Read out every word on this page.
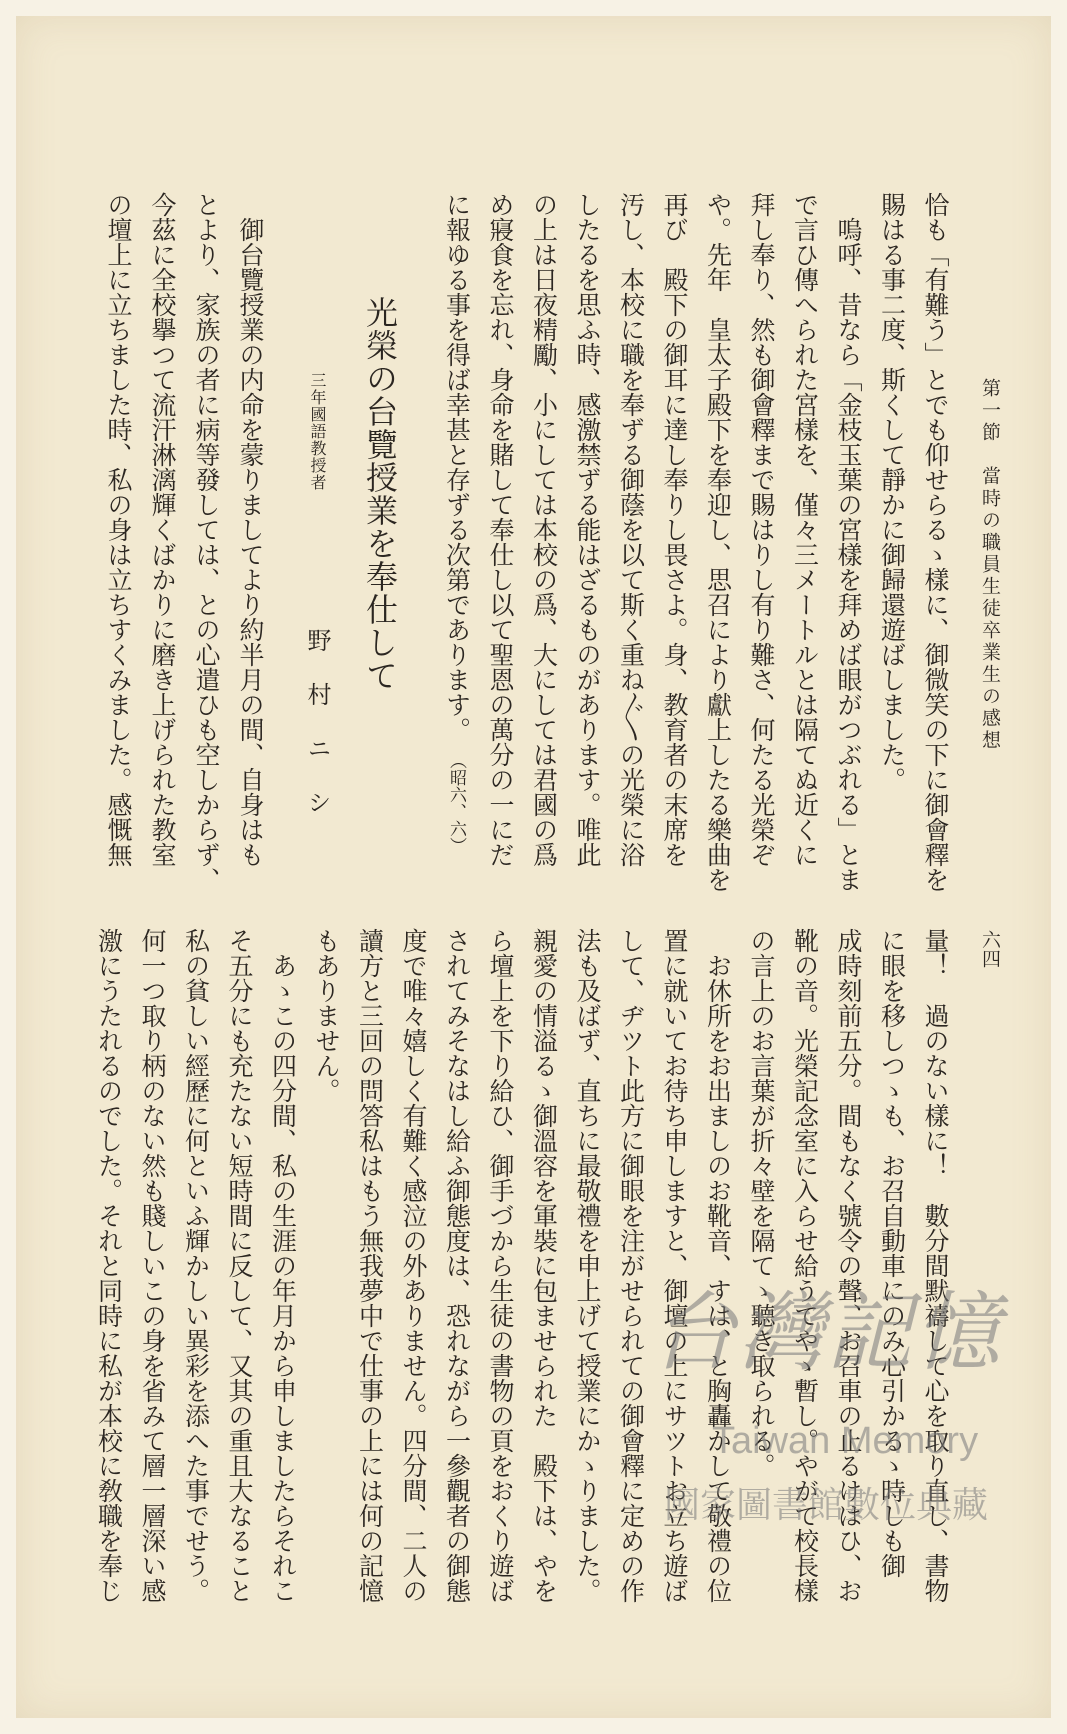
第一節　當時の職員生徒卒業生の感想
六四
恰も「有難う」とでも仰せらるゝ樣に、御微笑の下に御會釋を
賜はる事二度、斯くして靜かに御歸還遊ばしました。
　嗚呼、昔なら「金枝玉葉の宮樣を拜めば眼がつぶれる」とま
で言ひ傳へられた宮樣を、僅々三メートルとは隔てぬ近くに
拜し奉り、然も御會釋まで賜はりし有り難さ、何たる光榮ぞ
や。先年　皇太子殿下を奉迎し、思召により獻上したる樂曲を
再び　殿下の御耳に達し奉りし畏さよ。身、教育者の末席を
汚し、本校に職を奉ずる御蔭を以て斯く重ね〴〵の光榮に浴
したるを思ふ時、感激禁ずる能はざるものがあります。唯此
の上は日夜精勵、小にしては本校の爲、大にしては君國の爲
め寢食を忘れ、身命を賭して奉仕し以て聖恩の萬分の一にだ
に報ゆる事を得ば幸甚と存ずる次第であります。
（昭六、六）
光榮の台覽授業を奉仕して
三年國語教授者
野　村　ニ　シ
　御台覽授業の内命を蒙りましてより約半月の間、自身はも
とより、家族の者に病等發しては、との心遣ひも空しからず、
今茲に全校擧つて流汗淋漓輝くばかりに磨き上げられた教室
の壇上に立ちました時、私の身は立ちすくみました。感慨無
量！　過のない樣に！　數分間默禱して心を取り直し、書物
に眼を移しつゝも、お召自動車にのみ心引かるゝ時しも御
成時刻前五分。間もなく號令の聲、お召車の止るけはひ、お
靴の音。光榮記念室に入らせ給うてやゝ暫し。やがて校長樣
の言上のお言葉が折々壁を隔てゝ聽き取られる。
　お休所をお出ましのお靴音、すは、と胸轟かして敬禮の位
置に就いてお待ち申しますと、御壇の上にサツトお立ち遊ば
して、ヂツト此方に御眼を注がせられての御會釋に定めの作
法も及ばず、直ちに最敬禮を申上げて授業にかゝりました。
親愛の情溢るゝ御溫容を軍裝に包ませられた　殿下は、やを
ら壇上を下り給ひ、御手づから生徒の書物の頁をおくり遊ば
されてみそなはし給ふ御態度は、恐れながら一參觀者の御態
度で唯々嬉しく有難く感泣の外ありません。四分間、二人の
讀方と三回の問答私はもう無我夢中で仕事の上には何の記憶
もありません。
　あゝこの四分間、私の生涯の年月から申しましたらそれこ
そ五分にも充たない短時間に反して、又其の重且大なること
私の貧しい經歷に何といふ輝かしい異彩を添へた事でせう。
何一つ取り柄のない然も賤しいこの身を省みて層一層深い感
激にうたれるのでした。それと同時に私が本校に敎職を奉じ	台灣記憶
Taiwan Memory
國家圖書館數位典藏
